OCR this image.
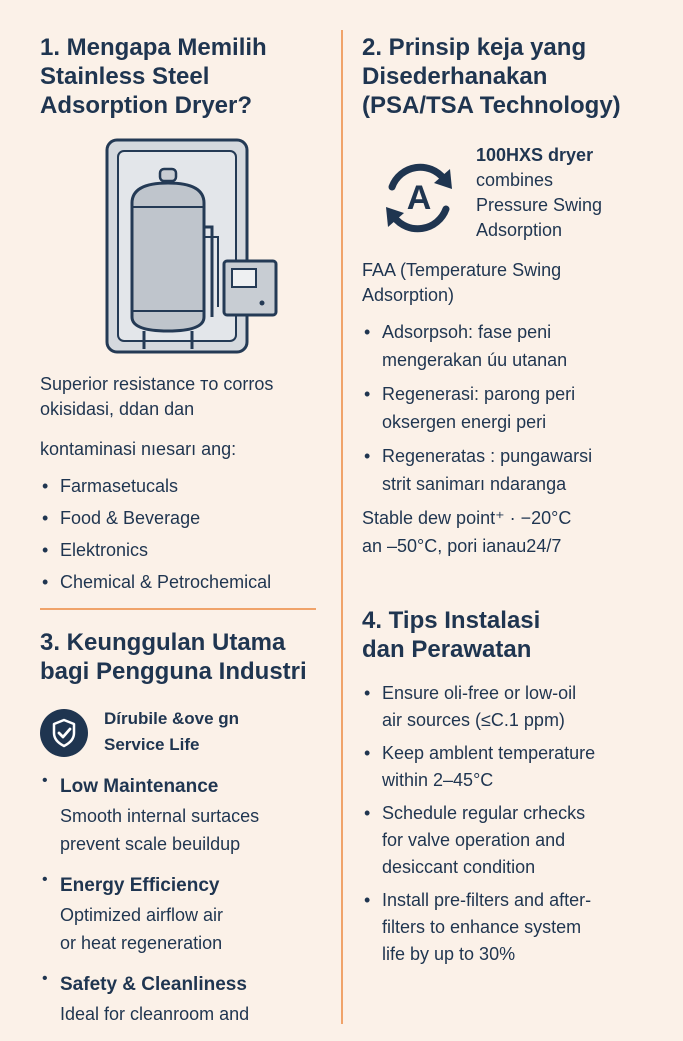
1. Mengapa Memilih
Stainless Steel
Adsorption Dryer?

Superior resistance ᴛo corros
okisidasi, ddan dan

kontaminasi nıesarı ang:

• Farmasetucals
• Food & Beverage
• Elektronics
• Chemical & Petrochemical
3. Keunggulan Utama
bagi Pengguna Industri
Dírubile &ove gn
Service Life
• Low Maintenance
Smooth internal surtaces
prevent scale beuildup
• Energy Efficiency
Optimized airflow air
or heat regeneration
• Safety & Cleanliness
Ideal for cleanroom and
2. Prinsip keja yang
Disederhanakan
(PSA/TSA Technology)
A
100HXS dryer
combines
Pressure Swing
Adsorption

FAA (Temperature Swing
Adsorption)

• Adsorpsoh: fase peni
mengerakan úu utanan
• Regenerasi: parong peri
oksergen energi peri
• Regeneratas : pungawarsi
strit sanimarı ndaranga

Stable dew point⁺ · −20°C
an –50°C, pori ianau24/7

4. Tips Instalasi
dan Perawatan
• Ensure oli-free or low-oil
air sources (≤C.1 ppm)
• Keep amblent temperature
within 2–45°C
• Schedule regular crhecks
for valve operation and
desiccant condition
• Install pre-filters and after-
filters to enhance system
life by up to 30%
